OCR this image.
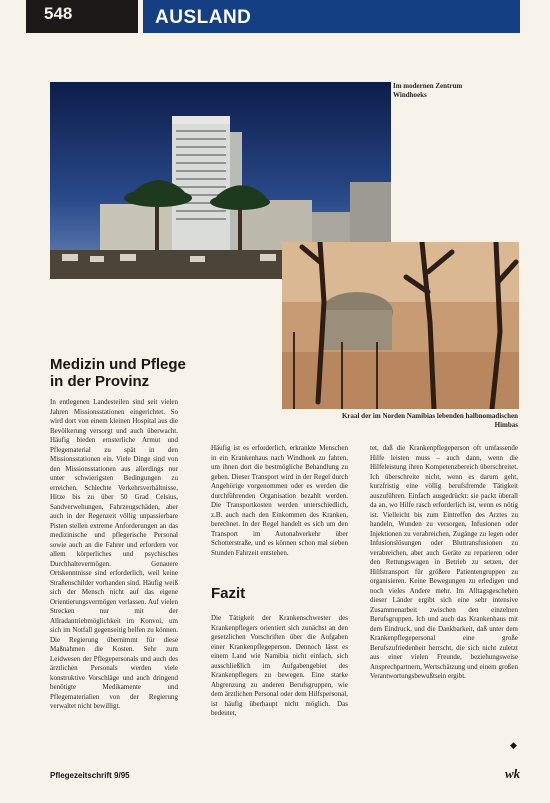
548	AUSLAND
Im modernen Zentrum Windhoeks
Kraal der im Norden Namibias lebenden halbnomadischen Himbas
Medizin und Pflege in der Provinz

In entlegenen Landesteilen sind seit vielen Jahren Missionsstationen eingerichtet. So wird dort von einem kleinen Hospital aus die Bevölkerung versorgt und auch überwacht. Häufig bieden ernsterliche Armut und Pflegematerial zu spät in den Missionsstationen ein. Viele Dinge sind von den Missionsstationen aus allerdings nur unter schwierigsten Bedingungen zu erreichen. Schlechte Verkehrsverhältnisse, Hitze bis zu über 50 Grad Celsius, Sandverwehungen, Fahrzeugschäden, aber auch in der Regenzeit völlig unpassierbare Pisten stellen extreme Anforderungen an das medizinische und pflegerische Personal sowie auch an die Fahrer und erfordern vor allem körperliches und psychisches Durchhaltevermögen. Genauere Ortskenntnisse sind erforderlich, weil keine Straßenschilder vorhanden sind. Häufig weiß sich der Mensch nicht auf das eigene Orientierungsvermögen verlassen. Auf vielen Strecken nur mit der Allradantriebmöglichkeit im Konvoi, um sich im Notfall gegenseitig helfen zu können. Die Regierung übernimmt für diese Maßnahmen die Kosten. Sehr zum Leidwesen der Pflegepersonals und auch des ärztlichen Personals werden viele konstruktive Vorschläge und auch dringend benötigte Medikamente und Pflegematerialien von der Regierung verwaltet nicht bewilligt.

Häufig ist es erforderlich, erkrankte Menschen in ein Krankenhaus nach Windhoek zu fahren, um ihnen dort die bestmögliche Behandlung zu geben. Dieser Transport wird in der Regel durch Angehörige vorgenommen oder es werden die durchführenden Organisation bezahlt werden. Die Transportkosten werden unterschiedlich, z.B. auch nach den Einkommen des Kranken, berechnet. In der Regel handelt es sich um den Transport im Autonahverkehr über Schotterstraße, und es können schon mal sieben Stunden Fahrzeit entstehen.

Fazit

Die Tätigkeit der Krankenschwester des Krankenpflegers orientiert sich zunächst an den gesetzlichen Vorschriften über die Aufgaben einer Krankenpflegeperson. Dennoch lässt es einem Land wie Namibia nicht einfach, sich ausschließlich im Aufgabengebiet des Krankenpflegers zu bewegen. Eine starke Abgrenzung zu anderen Berufsgruppen, wie dem ärztlichen Personal oder dem Hilfspersonal, ist häufig überhaupt nicht möglich. Das bedeutet,

tet, daß die Krankenpflegeperson oft umfassende Hilfe leisten muss – auch dann, wenn die Hilfeleistung ihren Kompetenzbereich überschreitet. Ich überschreite nicht, wenn es darum geht, kurzfristig eine völlig berufsfremde Tätigkeit auszuführen. Einfach ausgedrückt: sie packt überall da an, wo Hilfe rasch erforderlich ist, wenn es nötig ist. Vielleicht bis zum Eintreffen des Arztes zu handeln, Wunden zu versorgen, Infusionen oder Injektionen zu verabreichen, Zugänge zu legen oder Infusionslösungen oder Bluttransfusionen zu verabreichen, aber auch Geräte zu reparieren oder den Rettungswagen in Betrieb zu setzen, der Hilfstransport für größere Patientengruppen zu organisieren. Keine Bewegungen zu erledigen und noch vieles Andere mehr. Im Alltagsgeschehen dieser Länder ergibt sich eine sehr intensive Zusammenarbeit zwischen den einzelnen Berufsgruppen. Ich und auch das Krankenhaus mit dem Eindruck, und die Dankbarkeit, daß unter dem Krankenpflegepersonal eine große Berufszufriedenheit herrscht, die sich nicht zuletzt aus einer vielen Freunde, beziehungsweise Ansprechpartnern, Wertschätzung und einem großen Verantwortungsbewußtsein ergibt.

◆
Pflegezeitschrift 9/95	wk
